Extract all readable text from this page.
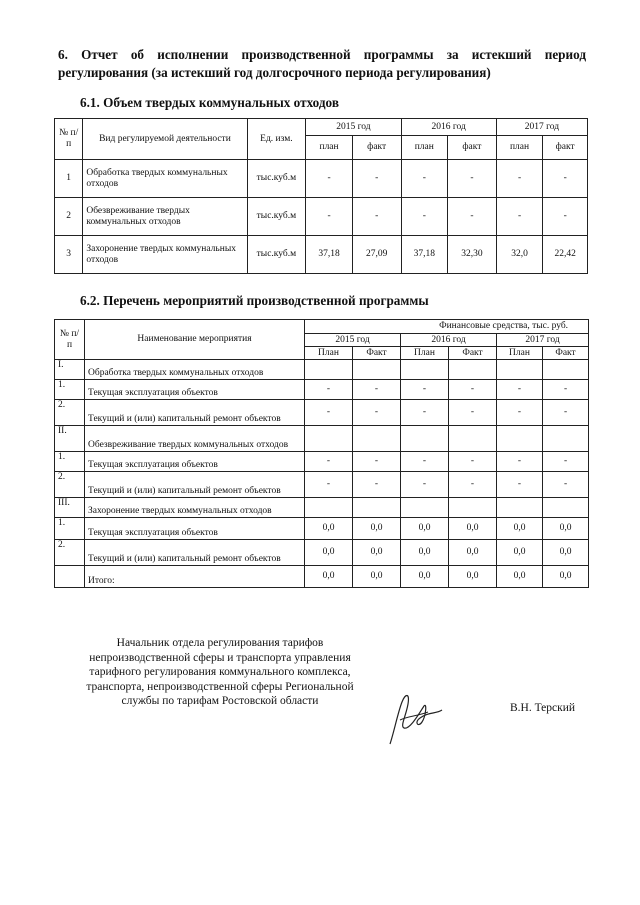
6. Отчет об исполнении производственной программы за истекший период
регулирования (за истекший год долгосрочного периода регулирования)
6.1. Объем твердых коммунальных отходов
№ п/п	Вид регулируемой деятельности	Ед. изм.	2015 год		2016 год		2017 год	
			план	факт	план	факт	план	факт
1	Обработка твердых коммунальных отходов	тыс.куб.м	-	-	-	-	-	-
2	Обезвреживание твердых коммунальных отходов	тыс.куб.м	-	-	-	-	-	-
3	Захоронение твердых коммунальных отходов	тыс.куб.м	37,18	27,09	37,18	32,30	32,0	22,42
6.2. Перечень мероприятий производственной программы
№ п/п	Наименование мероприятия	Финансовые средства, тыс. руб.					
		2015 год		2016 год		2017 год	
		План	Факт	План	Факт	План	Факт
I.	Обработка твердых коммунальных отходов						
1.	Текущая эксплуатация объектов	-	-	-	-	-	-
2.	Текущий и (или) капитальный ремонт объектов	-	-	-	-	-	-
II.	Обезвреживание твердых коммунальных отходов						
1.	Текущая эксплуатация объектов	-	-	-	-	-	-
2.	Текущий и (или) капитальный ремонт объектов	-	-	-	-	-	-
III.	Захоронение твердых коммунальных отходов						
1.	Текущая эксплуатация объектов	0,0	0,0	0,0	0,0	0,0	0,0
2.	Текущий и (или) капитальный ремонт объектов	0,0	0,0	0,0	0,0	0,0	0,0
	Итого:	0,0	0,0	0,0	0,0	0,0	0,0
Начальник отдела регулирования тарифов непроизводственной сферы и транспорта управления тарифного регулирования коммунального комплекса, транспорта, непроизводственной сферы Региональной службы по тарифам Ростовской области
В.Н. Терский
